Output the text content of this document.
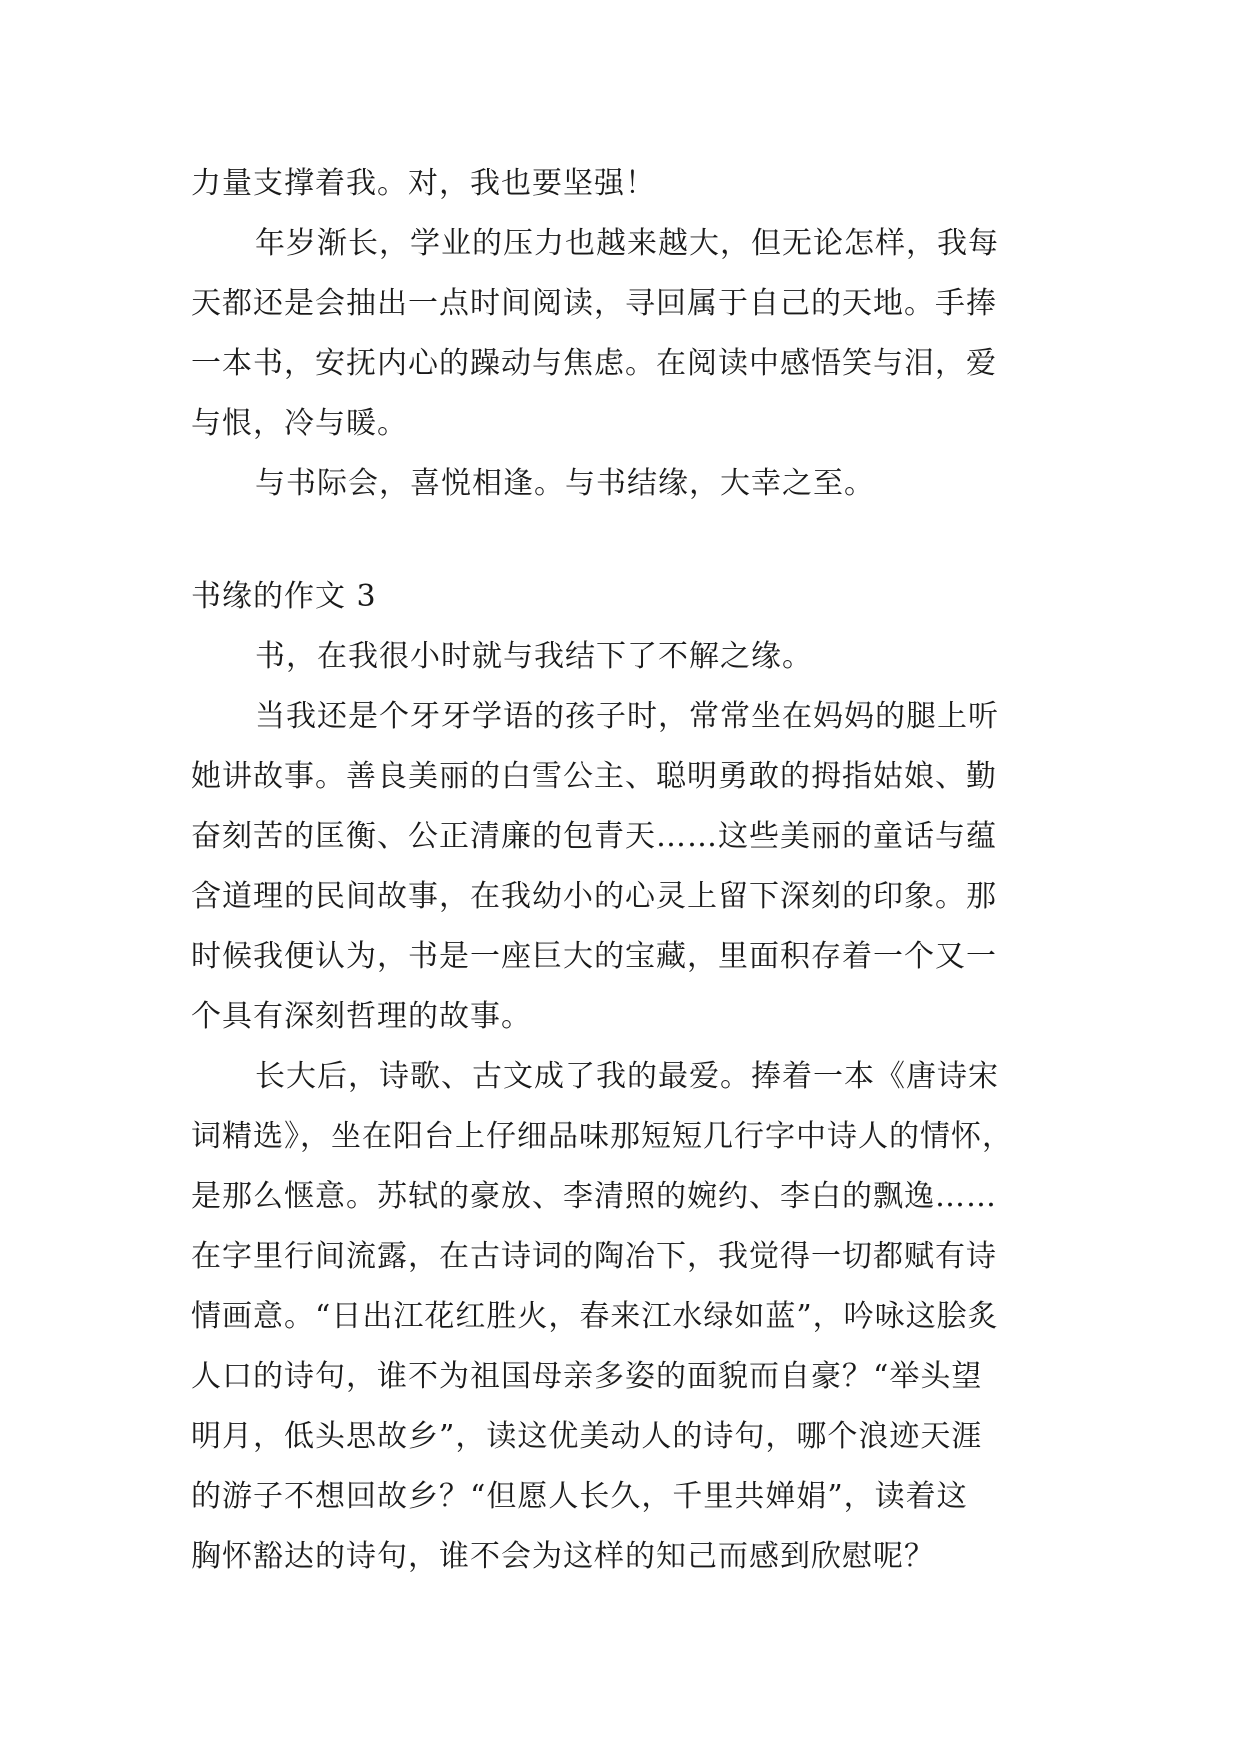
力量支撑着我。对，我也要坚强！
年岁渐长，学业的压力也越来越大，但无论怎样，我每
天都还是会抽出一点时间阅读，寻回属于自己的天地。手捧
一本书，安抚内心的躁动与焦虑。在阅读中感悟笑与泪，爱
与恨，冷与暖。
与书际会，喜悦相逢。与书结缘，大幸之至。
书缘的作文 3
书，在我很小时就与我结下了不解之缘。
当我还是个牙牙学语的孩子时，常常坐在妈妈的腿上听
她讲故事。善良美丽的白雪公主、聪明勇敢的拇指姑娘、勤
奋刻苦的匡衡、公正清廉的包青天……这些美丽的童话与蕴
含道理的民间故事，在我幼小的心灵上留下深刻的印象。那
时候我便认为，书是一座巨大的宝藏，里面积存着一个又一
个具有深刻哲理的故事。
长大后，诗歌、古文成了我的最爱。捧着一本《唐诗宋
词精选》，坐在阳台上仔细品味那短短几行字中诗人的情怀，
是那么惬意。苏轼的豪放、李清照的婉约、李白的飘逸……
在字里行间流露，在古诗词的陶冶下，我觉得一切都赋有诗
情画意。“日出江花红胜火，春来江水绿如蓝”，吟咏这脍炙
人口的诗句，谁不为祖国母亲多姿的面貌而自豪？“举头望
明月，低头思故乡”，读这优美动人的诗句，哪个浪迹天涯
的游子不想回故乡？“但愿人长久，千里共婵娟”，读着这
胸怀豁达的诗句，谁不会为这样的知己而感到欣慰呢？
